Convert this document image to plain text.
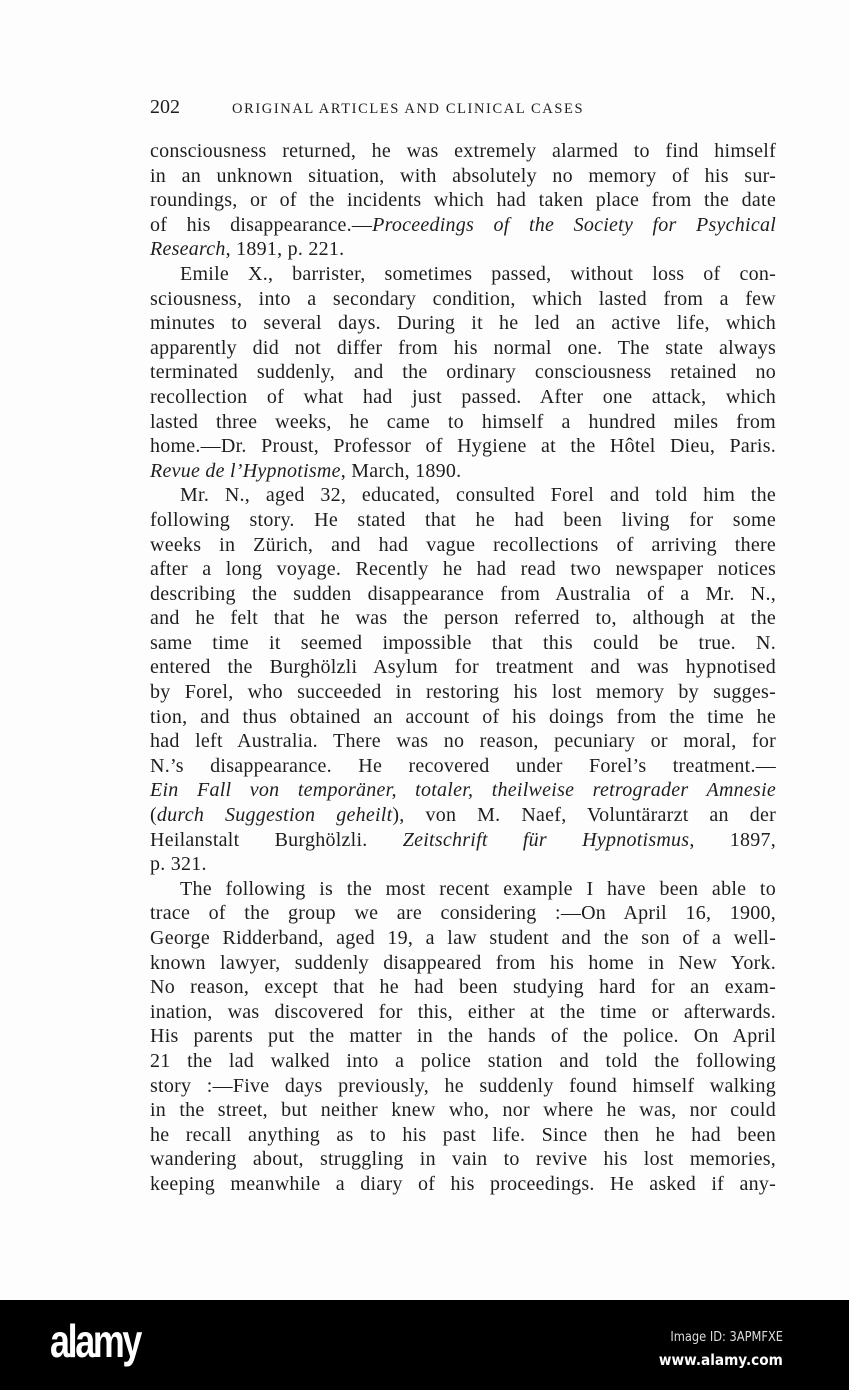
202	ORIGINAL ARTICLES AND CLINICAL CASES
consciousness returned, he was extremely alarmed to find himself
in an unknown situation, with absolutely no memory of his sur-
roundings, or of the incidents which had taken place from the date
of his disappearance.—Proceedings of the Society for Psychical
Research, 1891, p. 221.
Emile X., barrister, sometimes passed, without loss of con-
sciousness, into a secondary condition, which lasted from a few
minutes to several days. During it he led an active life, which
apparently did not differ from his normal one. The state always
terminated suddenly, and the ordinary consciousness retained no
recollection of what had just passed. After one attack, which
lasted three weeks, he came to himself a hundred miles from
home.—Dr. Proust, Professor of Hygiene at the Hôtel Dieu, Paris.
Revue de l’Hypnotisme, March, 1890.
Mr. N., aged 32, educated, consulted Forel and told him the
following story. He stated that he had been living for some
weeks in Zürich, and had vague recollections of arriving there
after a long voyage. Recently he had read two newspaper notices
describing the sudden disappearance from Australia of a Mr. N.,
and he felt that he was the person referred to, although at the
same time it seemed impossible that this could be true. N.
entered the Burghölzli Asylum for treatment and was hypnotised
by Forel, who succeeded in restoring his lost memory by sugges-
tion, and thus obtained an account of his doings from the time he
had left Australia. There was no reason, pecuniary or moral, for
N.’s disappearance. He recovered under Forel’s treatment.—
Ein Fall von temporäner, totaler, theilweise retrograder Amnesie
(durch Suggestion geheilt), von M. Naef, Voluntärarzt an der
Heilanstalt Burghölzli. Zeitschrift für Hypnotismus, 1897,
p. 321.
The following is the most recent example I have been able to
trace of the group we are considering :—On April 16, 1900,
George Ridderband, aged 19, a law student and the son of a well-
known lawyer, suddenly disappeared from his home in New York.
No reason, except that he had been studying hard for an exam-
ination, was discovered for this, either at the time or afterwards.
His parents put the matter in the hands of the police. On April
21 the lad walked into a police station and told the following
story :—Five days previously, he suddenly found himself walking
in the street, but neither knew who, nor where he was, nor could
he recall anything as to his past life. Since then he had been
wandering about, struggling in vain to revive his lost memories,
keeping meanwhile a diary of his proceedings. He asked if any-
alamy	Image ID: 3APMFXE
www.alamy.com
